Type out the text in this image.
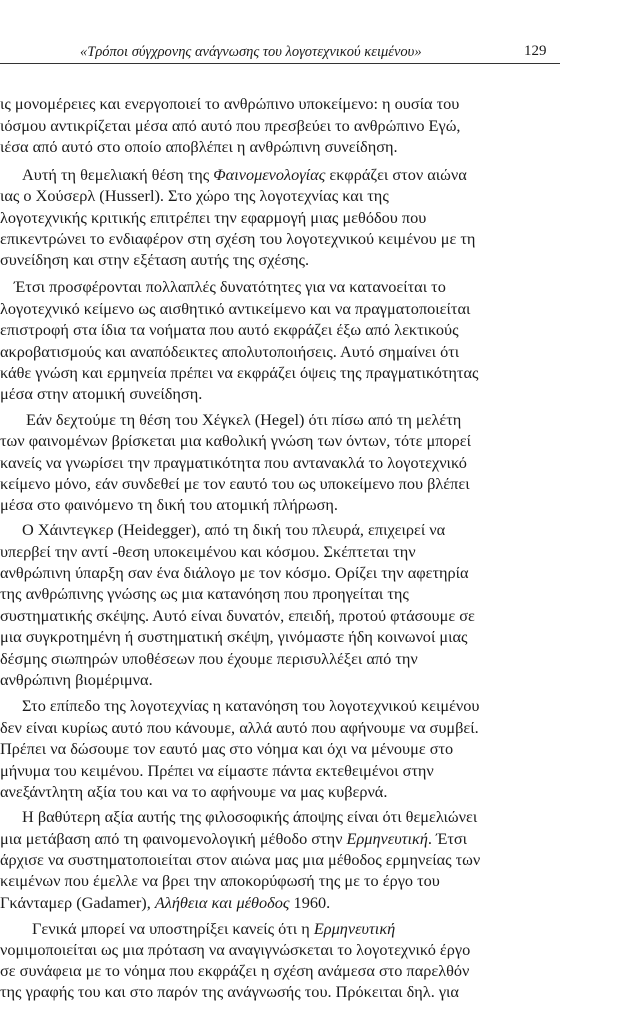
«Τρόποι σύγχρονης ανάγνωσης του λογοτεχνικού κειμένου»	129
ις μονομέρειες και ενεργοποιεί το ανθρώπινο υποκείμενο: η ουσία του
ιόσμου αντικρίζεται μέσα από αυτό που πρεσβεύει το ανθρώπινο Εγώ,
ιέσα από αυτό στο οποίο αποβλέπει η ανθρώπινη συνείδηση.
Αυτή τη θεμελιακή θέση της Φαινομενολογίας εκφράζει στον αιώνα
ιας ο Χούσερλ (Husserl). Στο χώρο της λογοτεχνίας και της
λογοτεχνικής κριτικής επιτρέπει την εφαρμογή μιας μεθόδου που
επικεντρώνει το ενδιαφέρον στη σχέση του λογοτεχνικού κειμένου με τη
συνείδηση και στην εξέταση αυτής της σχέσης.
Έτσι προσφέρονται πολλαπλές δυνατότητες για να κατανοείται το
λογοτεχνικό κείμενο ως αισθητικό αντικείμενο και να πραγματοποιείται
επιστροφή στα ίδια τα νοήματα που αυτό εκφράζει έξω από λεκτικούς
ακροβατισμούς και αναπόδεικτες απολυτοποιήσεις. Αυτό σημαίνει ότι
κάθε γνώση και ερμηνεία πρέπει να εκφράζει όψεις της πραγματικότητας
μέσα στην ατομική συνείδηση.
Εάν δεχτούμε τη θέση του Χέγκελ (Hegel) ότι πίσω από τη μελέτη
των φαινομένων βρίσκεται μια καθολική γνώση των όντων, τότε μπορεί
κανείς να γνωρίσει την πραγματικότητα που αντανακλά το λογοτεχνικό
κείμενο μόνο, εάν συνδεθεί με τον εαυτό του ως υποκείμενο που βλέπει
μέσα στο φαινόμενο τη δική του ατομική πλήρωση.
Ο Χάιντεγκερ (Heidegger), από τη δική του πλευρά, επιχειρεί να
υπερβεί την αντί -θεση υποκειμένου και κόσμου. Σκέπτεται την
ανθρώπινη ύπαρξη σαν ένα διάλογο με τον κόσμο. Ορίζει την αφετηρία
της ανθρώπινης γνώσης ως μια κατανόηση που προηγείται της
συστηματικής σκέψης. Αυτό είναι δυνατόν, επειδή, προτού φτάσουμε σε
μια συγκροτημένη ή συστηματική σκέψη, γινόμαστε ήδη κοινωνοί μιας
δέσμης σιωπηρών υποθέσεων που έχουμε περισυλλέξει από την
ανθρώπινη βιομέριμνα.
Στο επίπεδο της λογοτεχνίας η κατανόηση του λογοτεχνικού κειμένου
δεν είναι κυρίως αυτό που κάνουμε, αλλά αυτό που αφήνουμε να συμβεί.
Πρέπει να δώσουμε τον εαυτό μας στο νόημα και όχι να μένουμε στο
μήνυμα του κειμένου. Πρέπει να είμαστε πάντα εκτεθειμένοι στην
ανεξάντλητη αξία του και να το αφήνουμε να μας κυβερνά.
Η βαθύτερη αξία αυτής της φιλοσοφικής άποψης είναι ότι θεμελιώνει
μια μετάβαση από τη φαινομενολογική μέθοδο στην Ερμηνευτική. Έτσι
άρχισε να συστηματοποιείται στον αιώνα μας μια μέθοδος ερμηνείας των
κειμένων που έμελλε να βρει την αποκορύφωσή της με το έργο του
Γκάνταμερ (Gadamer), Αλήθεια και μέθοδος 1960.
Γενικά μπορεί να υποστηρίξει κανείς ότι η Ερμηνευτική
νομιμοποιείται ως μια πρόταση να αναγιγνώσκεται το λογοτεχνικό έργο
σε συνάφεια με το νόημα που εκφράζει η σχέση ανάμεσα στο παρελθόν
της γραφής του και στο παρόν της ανάγνωσής του. Πρόκειται δηλ. για
